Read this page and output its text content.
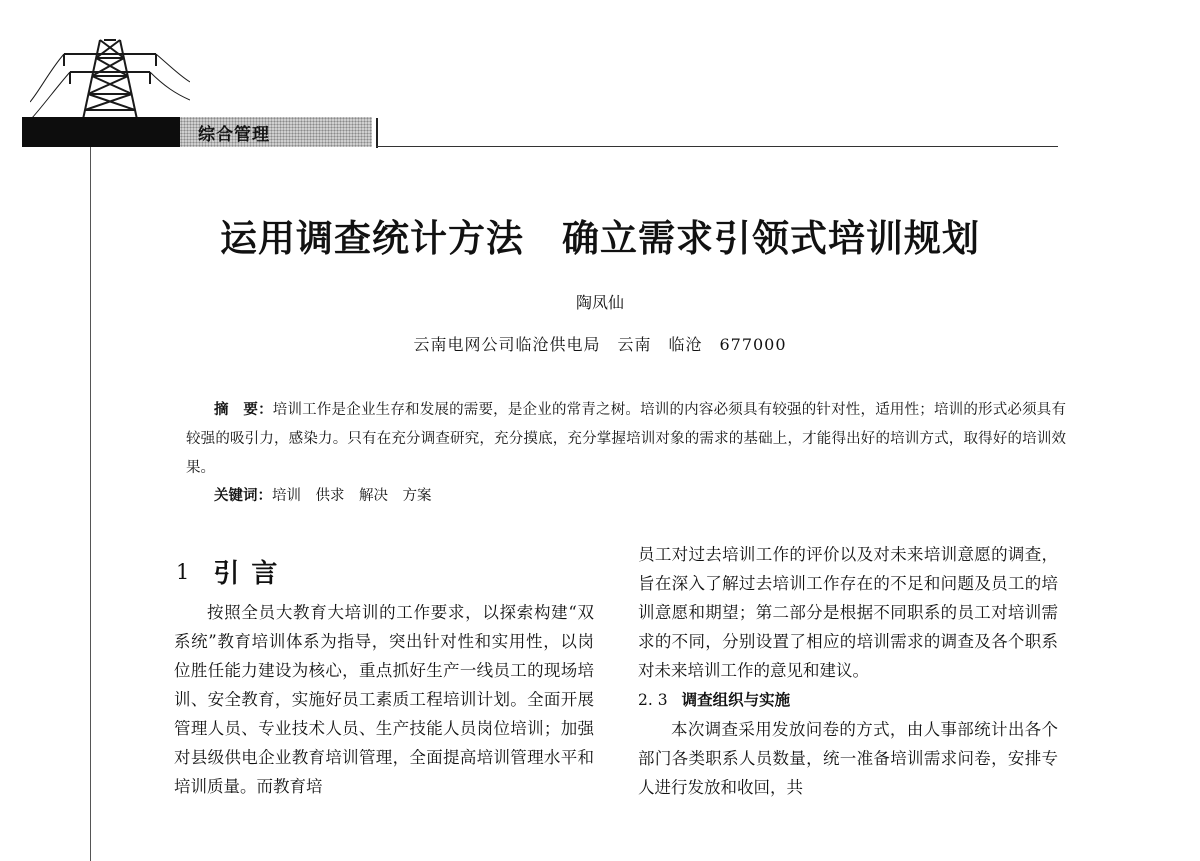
综合管理
运用调查统计方法　确立需求引领式培训规划
陶凤仙
云南电网公司临沧供电局　云南　临沧　677000

摘　要：培训工作是企业生存和发展的需要，是企业的常青之树。培训的内容必须具有较强的针对性，适用性；培训的形式必须具有较强的吸引力，感染力。只有在充分调查研究，充分摸底，充分掌握培训对象的需求的基础上，才能得出好的培训方式，取得好的培训效果。

关键词：培训　供求　解决　方案
1 引言

按照全员大教育大培训的工作要求，以探索构建“双系统”教育培训体系为指导，突出针对性和实用性，以岗位胜任能力建设为核心，重点抓好生产一线员工的现场培训、安全教育，实施好员工素质工程培训计划。全面开展管理人员、专业技术人员、生产技能人员岗位培训；加强对县级供电企业教育培训管理，全面提高培训管理水平和培训质量。而教育培

员工对过去培训工作的评价以及对未来培训意愿的调查，旨在深入了解过去培训工作存在的不足和问题及员工的培训意愿和期望；第二部分是根据不同职系的员工对培训需求的不同，分别设置了相应的培训需求的调查及各个职系对未来培训工作的意见和建议。

2. 3 调查组织与实施

本次调查采用发放问卷的方式，由人事部统计出各个部门各类职系人员数量，统一准备培训需求问卷，安排专人进行发放和收回，共
